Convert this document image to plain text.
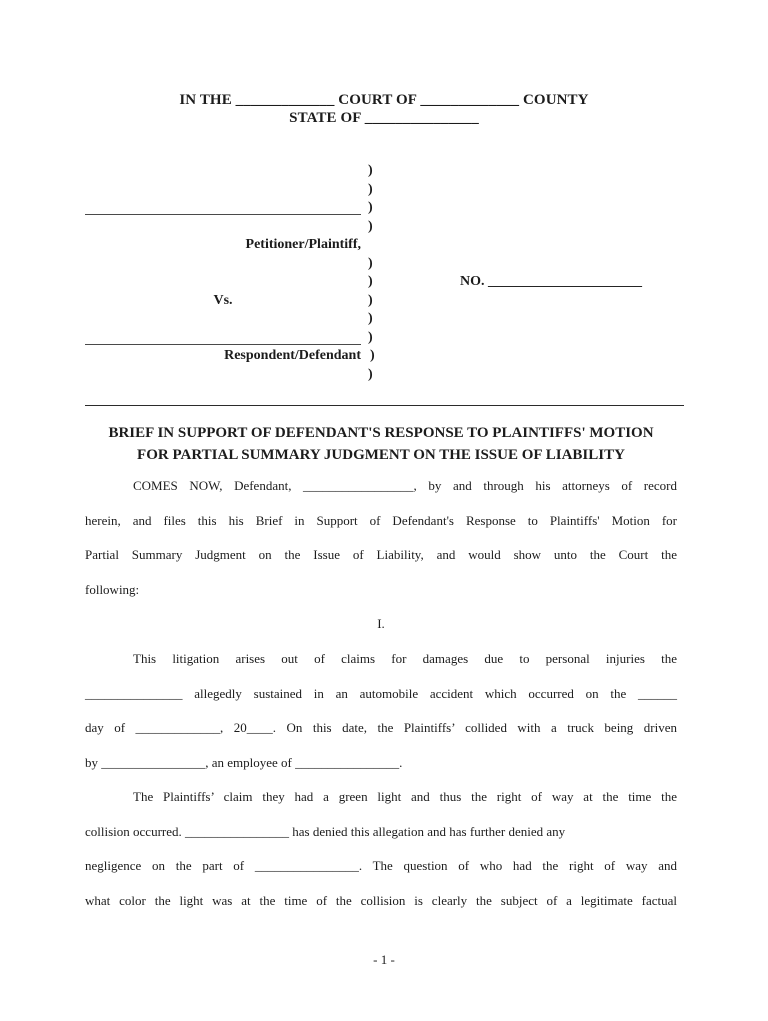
IN THE _____________ COURT OF _____________ COUNTY
STATE OF _______________
)
)
)
)
Petitioner/Plaintiff,
)
)	NO. ______________________
Vs.	)
)
)
Respondent/Defendant )
)
BRIEF IN SUPPORT OF DEFENDANT'S RESPONSE TO PLAINTIFFS' MOTION
FOR PARTIAL SUMMARY JUDGMENT ON THE ISSUE OF LIABILITY
COMES NOW, Defendant, _________________, by and through his attorneys of record
herein, and files this his Brief in Support of Defendant's Response to Plaintiffs' Motion for
Partial Summary Judgment on the Issue of Liability, and would show unto the Court the
following:
I.
This litigation arises out of claims for damages due to personal injuries the
_______________ allegedly sustained in an automobile accident which occurred on the ______
day of _____________, 20____. On this date, the Plaintiffs’ collided with a truck being driven
by ________________, an employee of ________________.
The Plaintiffs’ claim they had a green light and thus the right of way at the time the
collision occurred. ________________ has denied this allegation and has further denied any
negligence on the part of ________________. The question of who had the right of way and
what color the light was at the time of the collision is clearly the subject of a legitimate factual
- 1 -
